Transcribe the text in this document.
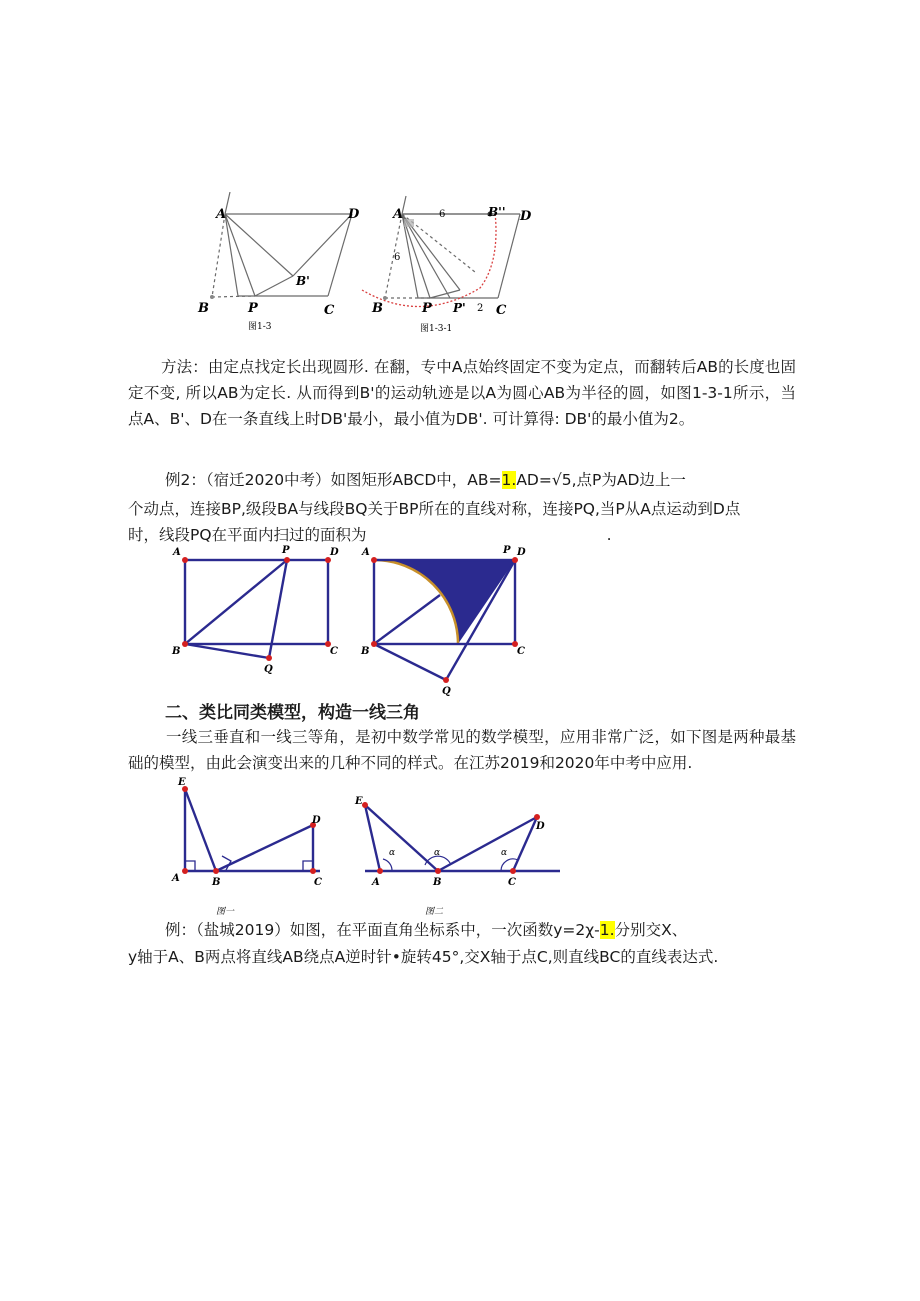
A	D
B	P
B'
C
图1-3
A	6	B'' D
6
B	P P' 2 C
图1-3-1

方法：由定点找定长出现圆形. 在翻，专中A点始终固定不变为定点，而翻转后AB的长度也固定不变, 所以AB为定长. 从而得到B'的运动轨迹是以A为圆心AB为半径的圆，如图1-3-1所示，当点A、B'、D在一条直线上时DB'最小，最小值为DB'. 可计算得: DB'的最小值为2。

例2：（宿迁2020中考）如图矩形ABCD中，AB=1.AD=√5,点P为AD边上一

个动点，连接BP,级段BA与线段BQ关于BP所在的直线对称，连接PQ,当P从A点运动到D点

时，线段PQ在平面内扫过的面积为	.

A	P	D
B	C
Q
A	P D
B	C
Q

二、类比同类模型，构造一线三角

一线三垂直和一线三等角，是初中数学常见的数学模型，应用非常广泛，如下图是两种最基础的模型，由此会演变出来的几种不同的样式。在江苏2019和2020年中考中应用.

E
D
A	B	C
图一
E
D
A	B	C
α	α	α
图二

例：（盐城2019）如图，在平面直角坐标系中，一次函数y=2χ-1.分别交X、

y轴于A、B两点将直线AB绕点A逆时针•旋转45°,交X轴于点C,则直线BC的直线表达式.
